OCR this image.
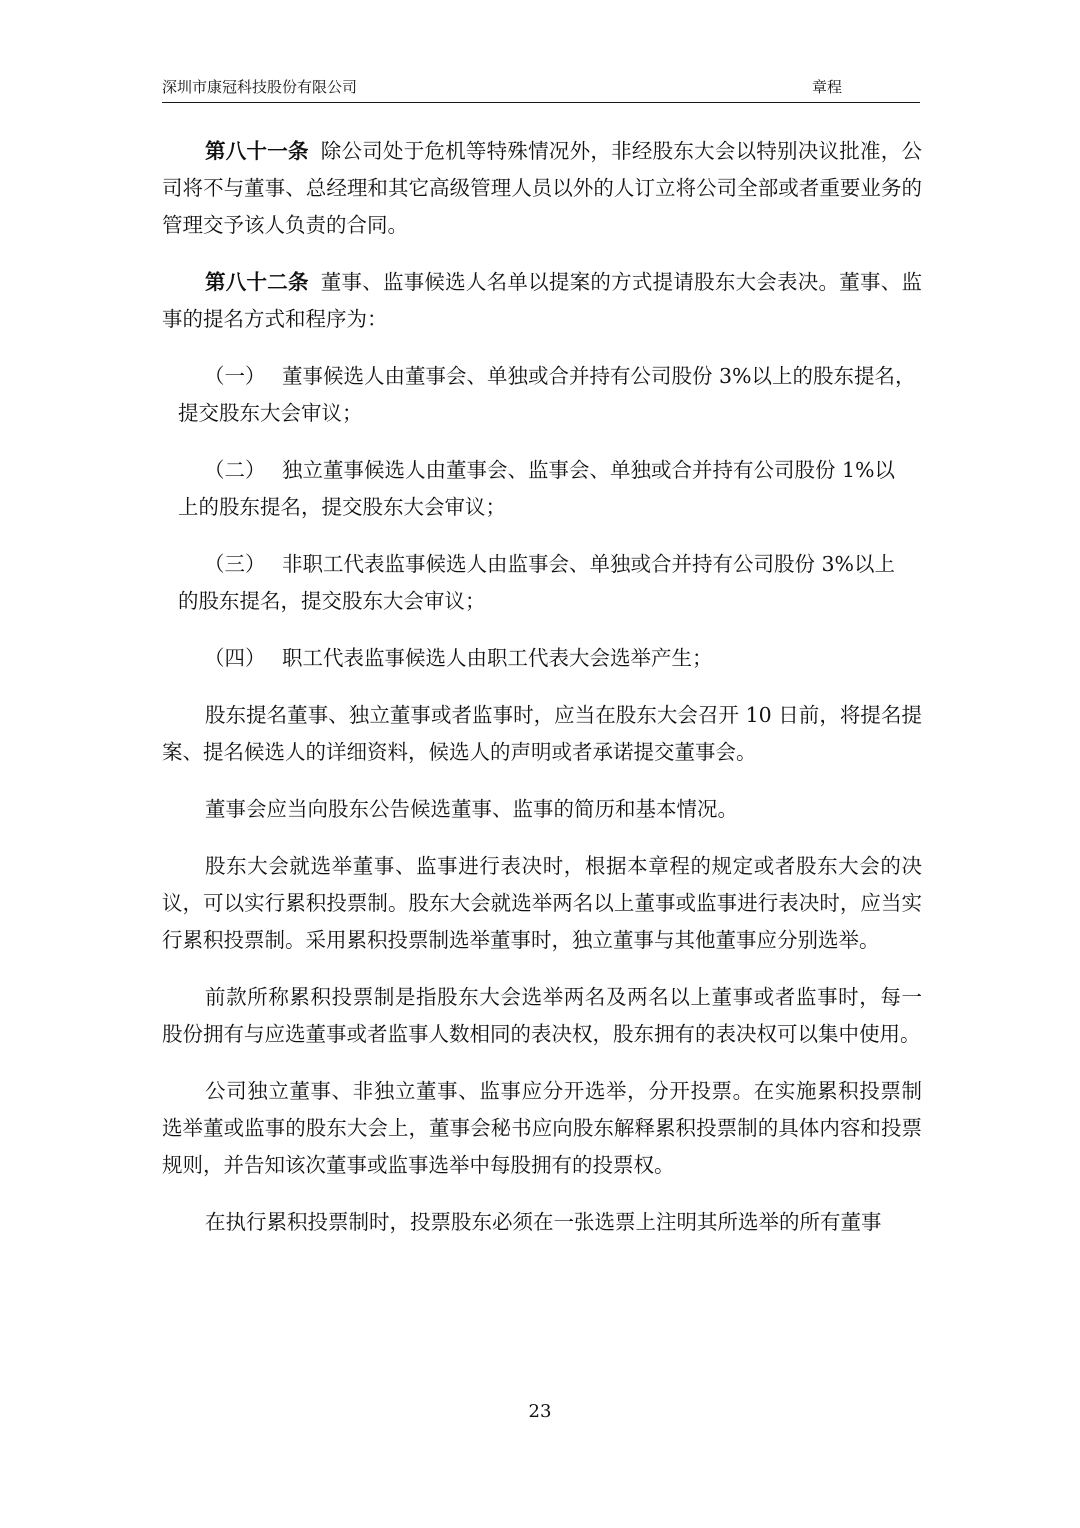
深圳市康冠科技股份有限公司	章程

第八十一条 除公司处于危机等特殊情况外，非经股东大会以特别决议批准，公司将不与董事、总经理和其它高级管理人员以外的人订立将公司全部或者重要业务的管理交予该人负责的合同。

第八十二条 董事、监事候选人名单以提案的方式提请股东大会表决。董事、监事的提名方式和程序为：

（一） 董事候选人由董事会、单独或合并持有公司股份 3%以上的股东提名，
提交股东大会审议；

（二） 独立董事候选人由董事会、监事会、单独或合并持有公司股份 1%以
上的股东提名，提交股东大会审议；

（三） 非职工代表监事候选人由监事会、单独或合并持有公司股份 3%以上
的股东提名，提交股东大会审议；

（四） 职工代表监事候选人由职工代表大会选举产生；

股东提名董事、独立董事或者监事时，应当在股东大会召开 10 日前，将提名提案、提名候选人的详细资料，候选人的声明或者承诺提交董事会。

董事会应当向股东公告候选董事、监事的简历和基本情况。

股东大会就选举董事、监事进行表决时，根据本章程的规定或者股东大会的决议，可以实行累积投票制。股东大会就选举两名以上董事或监事进行表决时，应当实行累积投票制。采用累积投票制选举董事时，独立董事与其他董事应分别选举。

前款所称累积投票制是指股东大会选举两名及两名以上董事或者监事时，每一股份拥有与应选董事或者监事人数相同的表决权，股东拥有的表决权可以集中使用。

公司独立董事、非独立董事、监事应分开选举，分开投票。在实施累积投票制选举董或监事的股东大会上，董事会秘书应向股东解释累积投票制的具体内容和投票规则，并告知该次董事或监事选举中每股拥有的投票权。

在执行累积投票制时，投票股东必须在一张选票上注明其所选举的所有董事

23
